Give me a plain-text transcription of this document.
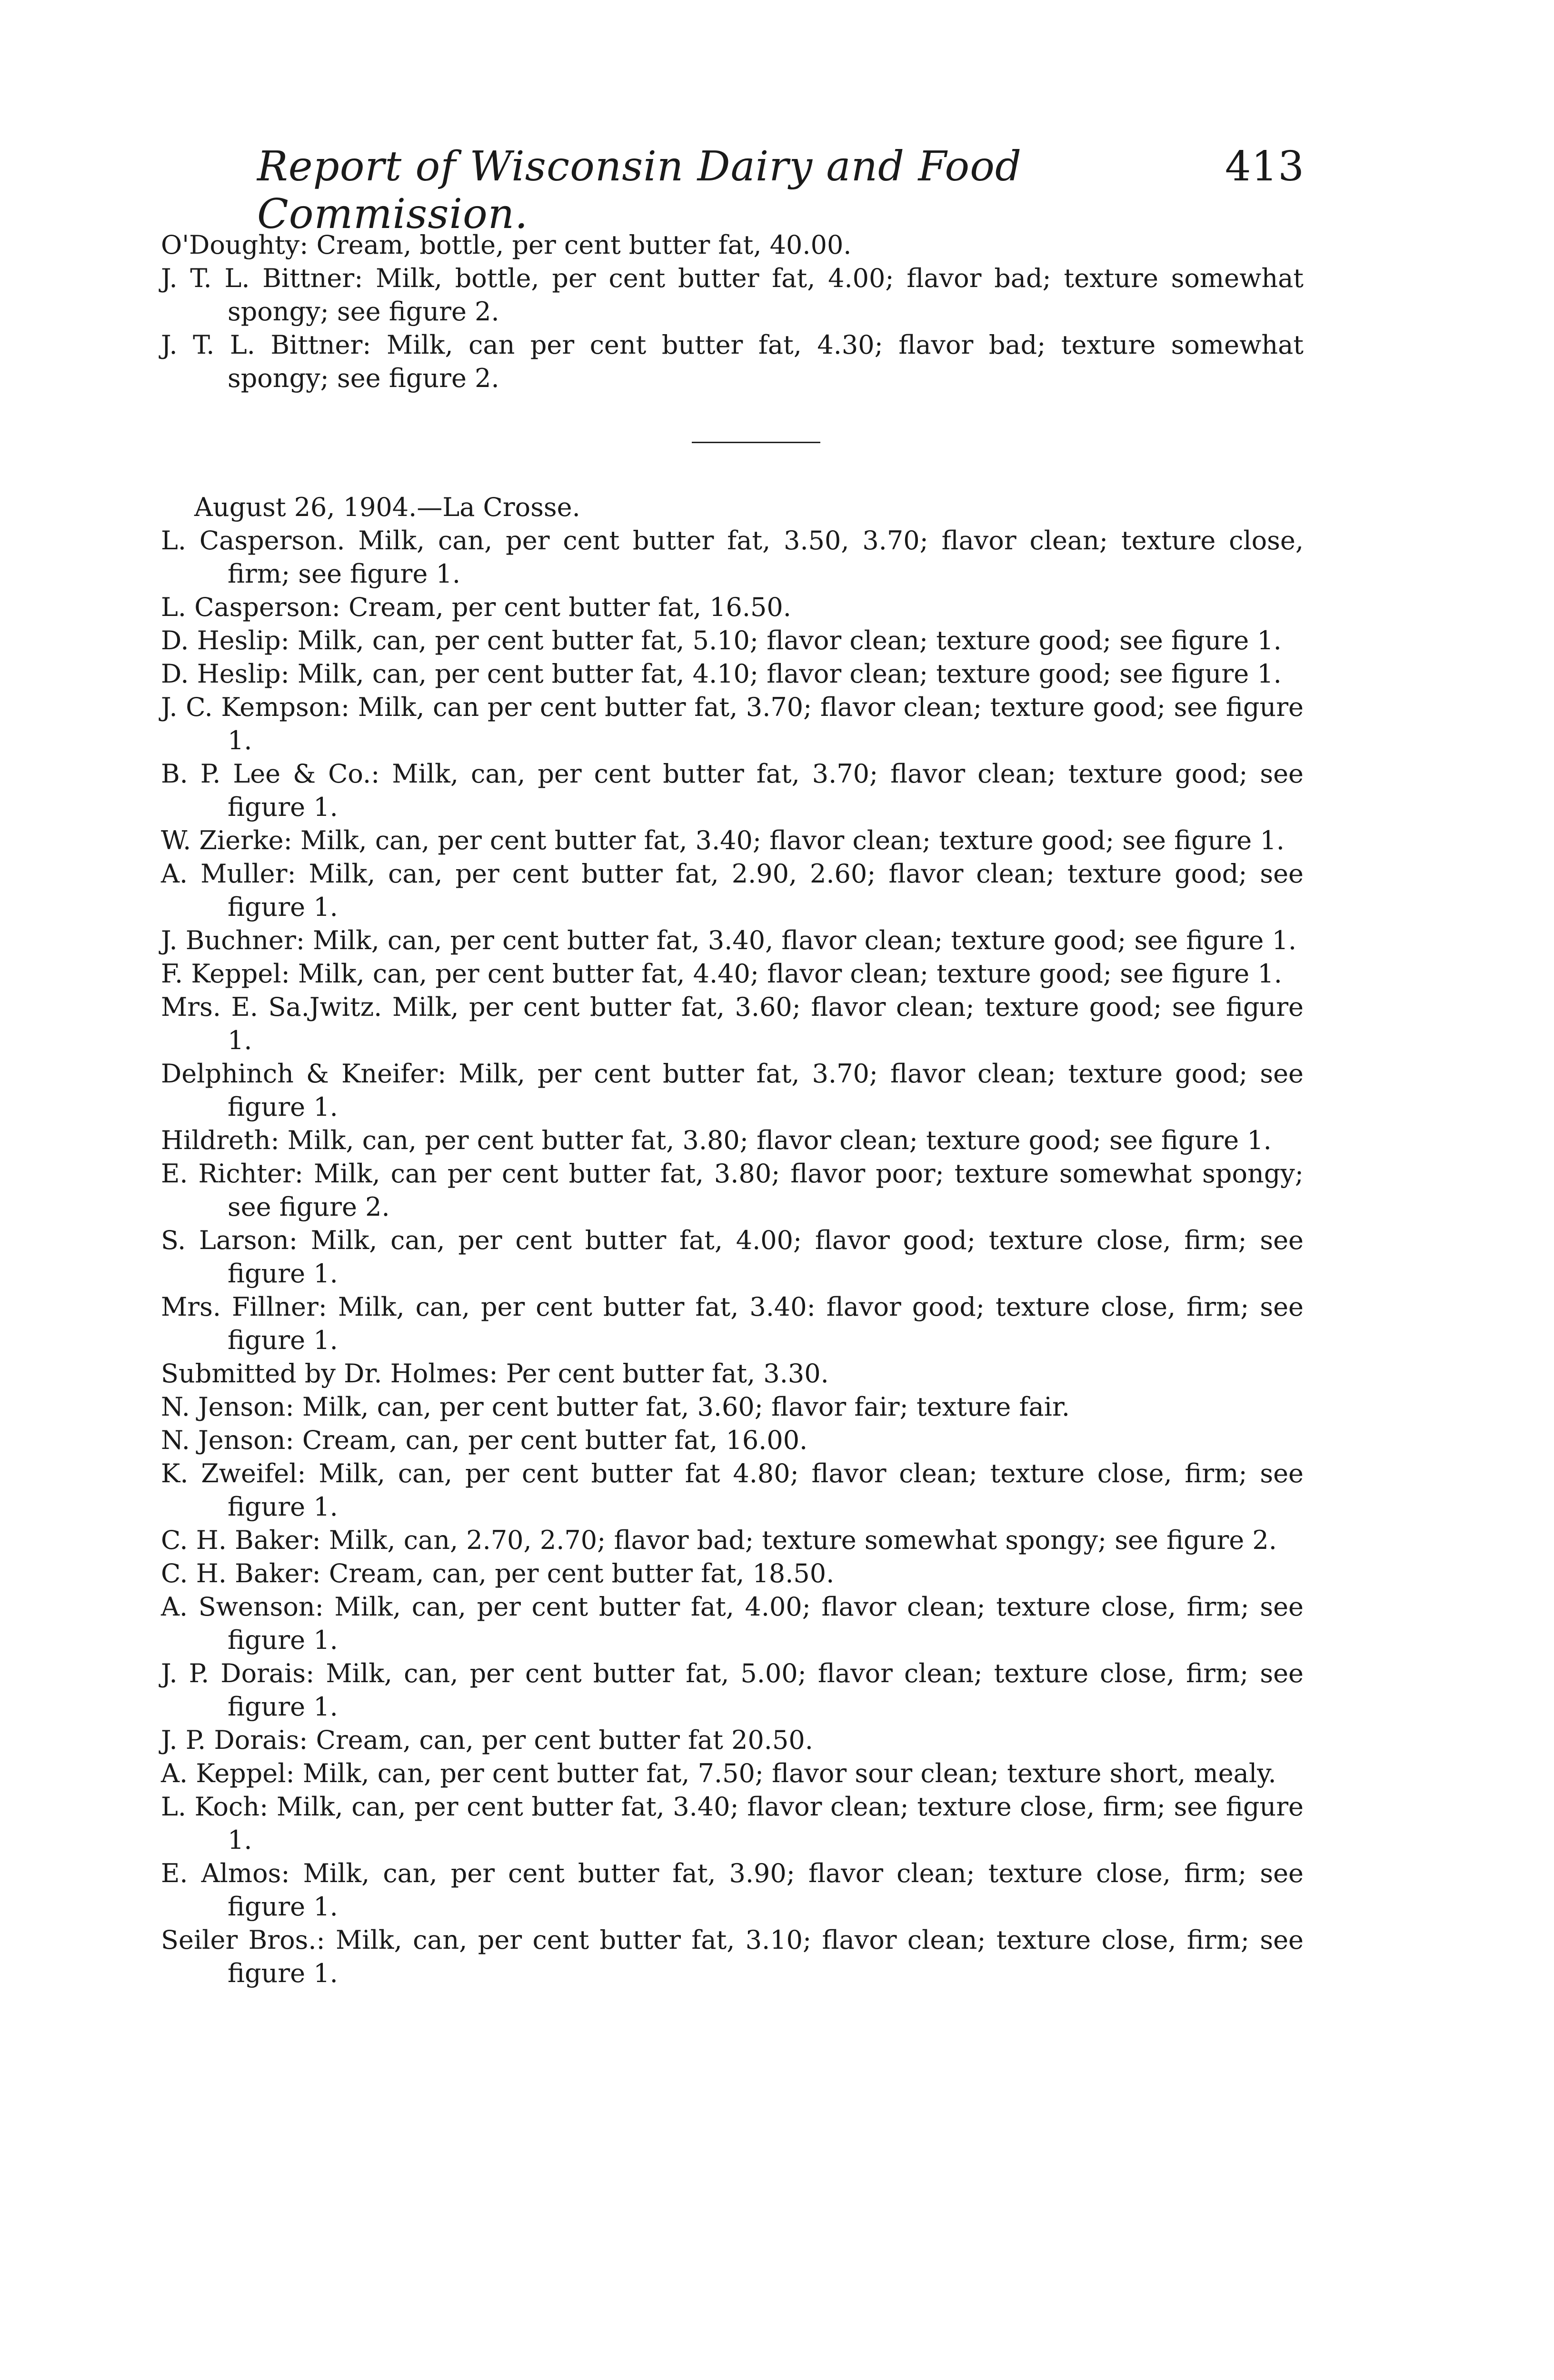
Report of Wisconsin Dairy and Food Commission.
413

O'Doughty: Cream, bottle, per cent butter fat, 40.00.

J. T. L. Bittner: Milk, bottle, per cent butter fat, 4.00; flavor bad; texture somewhat spongy; see figure 2.

J. T. L. Bittner: Milk, can per cent butter fat, 4.30; flavor bad; texture somewhat spongy; see figure 2.

August 26, 1904.—La Crosse.

L. Casperson. Milk, can, per cent butter fat, 3.50, 3.70; flavor clean; texture close, firm; see figure 1.

L. Casperson: Cream, per cent butter fat, 16.50.

D. Heslip: Milk, can, per cent butter fat, 5.10; flavor clean; texture good; see figure 1.

D. Heslip: Milk, can, per cent butter fat, 4.10; flavor clean; texture good; see figure 1.

J. C. Kempson: Milk, can per cent butter fat, 3.70; flavor clean; texture good; see figure 1.

B. P. Lee & Co.: Milk, can, per cent butter fat, 3.70; flavor clean; texture good; see figure 1.

W. Zierke: Milk, can, per cent butter fat, 3.40; flavor clean; texture good; see figure 1.

A. Muller: Milk, can, per cent butter fat, 2.90, 2.60; flavor clean; texture good; see figure 1.

J. Buchner: Milk, can, per cent butter fat, 3.40, flavor clean; texture good; see figure 1.

F. Keppel: Milk, can, per cent butter fat, 4.40; flavor clean; texture good; see figure 1.

Mrs. E. Sa.Jwitz. Milk, per cent butter fat, 3.60; flavor clean; texture good; see figure 1.

Delphinch & Kneifer: Milk, per cent butter fat, 3.70; flavor clean; texture good; see figure 1.

Hildreth: Milk, can, per cent butter fat, 3.80; flavor clean; texture good; see figure 1.

E. Richter: Milk, can per cent butter fat, 3.80; flavor poor; texture somewhat spongy; see figure 2.

S. Larson: Milk, can, per cent butter fat, 4.00; flavor good; texture close, firm; see figure 1.

Mrs. Fillner: Milk, can, per cent butter fat, 3.40: flavor good; texture close, firm; see figure 1.

Submitted by Dr. Holmes: Per cent butter fat, 3.30.

N. Jenson: Milk, can, per cent butter fat, 3.60; flavor fair; texture fair.

N. Jenson: Cream, can, per cent butter fat, 16.00.

K. Zweifel: Milk, can, per cent butter fat 4.80; flavor clean; texture close, firm; see figure 1.

C. H. Baker: Milk, can, 2.70, 2.70; flavor bad; texture somewhat spongy; see figure 2.

C. H. Baker: Cream, can, per cent butter fat, 18.50.

A. Swenson: Milk, can, per cent butter fat, 4.00; flavor clean; texture close, firm; see figure 1.

J. P. Dorais: Milk, can, per cent butter fat, 5.00; flavor clean; texture close, firm; see figure 1.

J. P. Dorais: Cream, can, per cent butter fat 20.50.

A. Keppel: Milk, can, per cent butter fat, 7.50; flavor sour clean; texture short, mealy.

L. Koch: Milk, can, per cent butter fat, 3.40; flavor clean; texture close, firm; see figure 1.

E. Almos: Milk, can, per cent butter fat, 3.90; flavor clean; texture close, firm; see figure 1.

Seiler Bros.: Milk, can, per cent butter fat, 3.10; flavor clean; texture close, firm; see figure 1.
